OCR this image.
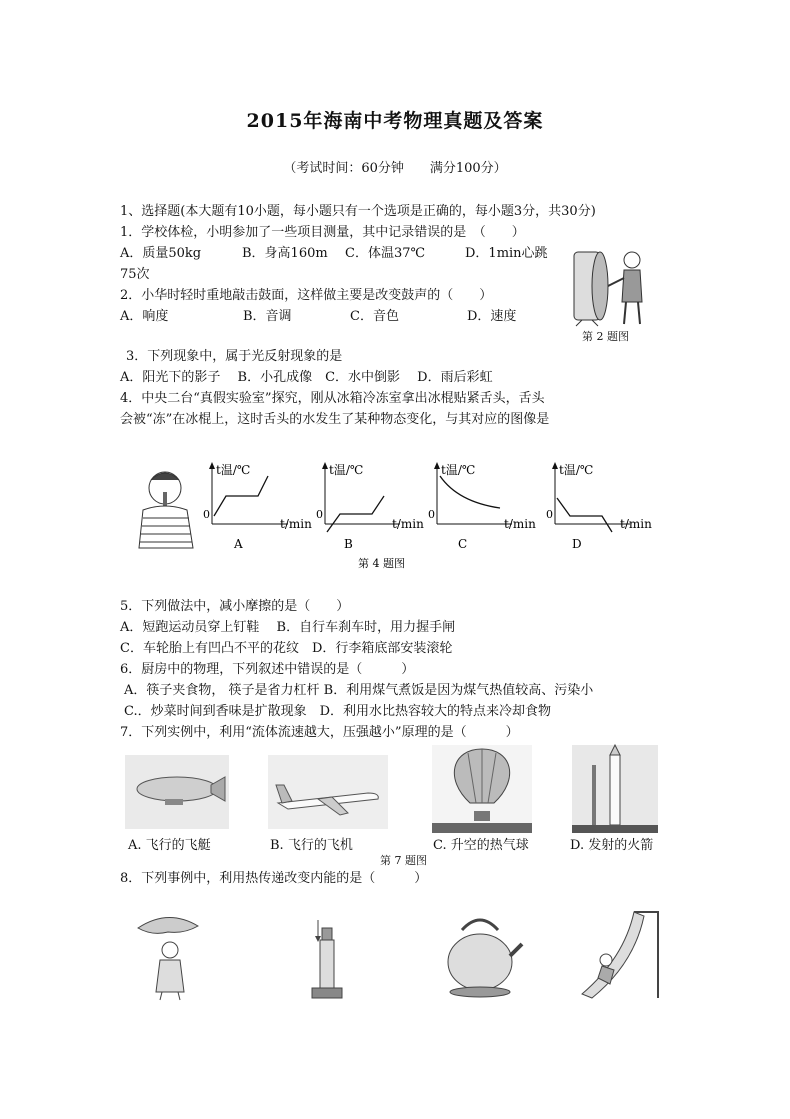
2015年海南中考物理真题及答案
（考试时间：60分钟　　满分100分）
1、选择题(本大题有10小题，每小题只有一个选项是正确的，每小题3分，共30分)
1．学校体检，小明参加了一些项目测量，其中记录错误的是　（　　）
A．质量50kg	B．身高160m C．体温37℃	D．1min心跳
75次
第 2 题图
2．小华时轻时重地敲击鼓面，这样做主要是改变鼓声的（　　）
A．响度	B．音调	C．音色	D．速度
3．下列现象中，属于光反射现象的是
A．阳光下的影子　 B．小孔成像　C．水中倒影　 D．雨后彩虹
4．中央二台“真假实验室”探究，刚从冰箱冷冻室拿出冰棍贴紧舌头，舌头
会被“冻”在冰棍上，这时舌头的水发生了某种物态变化，与其对应的图像是
t温/℃
0
t/min
A
t温/℃
0
t/min
B
t温/℃
0
t/min
C
t温/℃
0
t/min
D
第 4 题图
5．下列做法中，减小摩擦的是（　　）
A．短跑运动员穿上钉鞋　 B．自行车刹车时，用力握手闸
C．车轮胎上有凹凸不平的花纹　D．行李箱底部安装滚轮
6．厨房中的物理，下列叙述中错误的是（　　　）
A．筷子夹食物， 筷子是省力杠杆 B．利用煤气煮饭是因为煤气热值较高、污染小
C.．炒菜时间到香味是扩散现象　D．利用水比热容较大的特点来冷却食物
7．下列实例中，利用“流体流速越大，压强越小”原理的是（　　　）
A. 飞行的飞艇	B. 飞行的飞机	C. 升空的热气球	D. 发射的火箭
第 7 题图
8．下列事例中，利用热传递改变内能的是（　　　）
